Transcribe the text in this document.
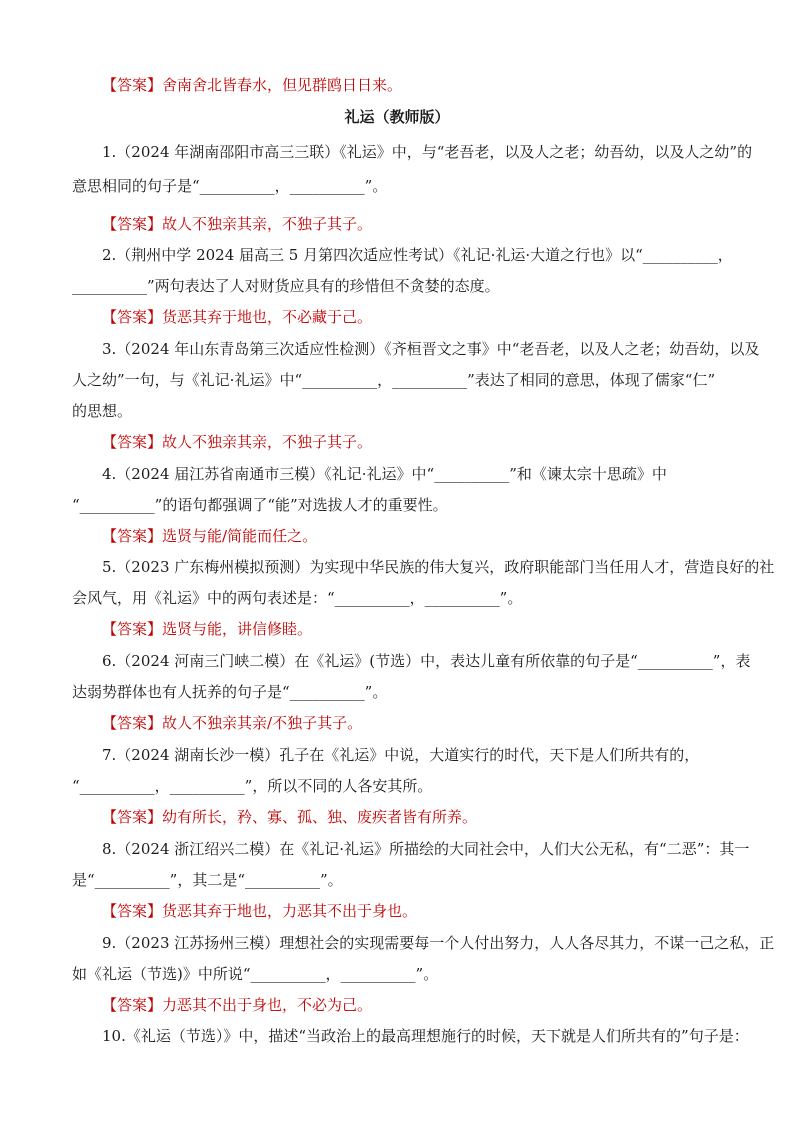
【答案】舍南舍北皆春水，但见群鸥日日来。
礼运（教师版）
1.（2024 年湖南邵阳市高三三联）《礼运》中，与“老吾老，以及人之老；幼吾幼，以及人之幼”的
意思相同的句子是“__________，__________”。
【答案】故人不独亲其亲，不独子其子。
2.（荆州中学 2024 届高三 5 月第四次适应性考试）《礼记·礼运·大道之行也》以“__________，
__________”两句表达了人对财货应具有的珍惜但不贪婪的态度。
【答案】货恶其弃于地也，不必藏于己。
3.（2024 年山东青岛第三次适应性检测）《齐桓晋文之事》中“老吾老，以及人之老；幼吾幼，以及
人之幼”一句，与《礼记·礼运》中“__________，__________”表达了相同的意思，体现了儒家“仁”
的思想。
【答案】故人不独亲其亲，不独子其子。
4.（2024 届江苏省南通市三模）《礼记·礼运》中“__________”和《谏太宗十思疏》中
“__________”的语句都强调了“能”对选拔人才的重要性。
【答案】选贤与能/简能而任之。
5.（2023 广东梅州模拟预测）为实现中华民族的伟大复兴，政府职能部门当任用人才，营造良好的社
会风气，用《礼运》中的两句表述是：“__________，__________”。
【答案】选贤与能，讲信修睦。
6.（2024 河南三门峡二模）在《礼运》(节选）中，表达儿童有所依靠的句子是“__________”，表
达弱势群体也有人抚养的句子是“__________”。
【答案】故人不独亲其亲/不独子其子。
7.（2024 湖南长沙一模）孔子在《礼运》中说，大道实行的时代，天下是人们所共有的，
“__________，__________”，所以不同的人各安其所。
【答案】幼有所长，矜、寡、孤、独、废疾者皆有所养。
8.（2024 浙江绍兴二模）在《礼记·礼运》所描绘的大同社会中，人们大公无私，有“二恶”：其一
是“__________”，其二是“__________”。
【答案】货恶其弃于地也，力恶其不出于身也。
9.（2023 江苏扬州三模）理想社会的实现需要每一个人付出努力，人人各尽其力，不谋一己之私，正
如《礼运（节选)》中所说“__________，__________”。
【答案】力恶其不出于身也，不必为己。
10.《礼运（节选）》中，描述“当政治上的最高理想施行的时候，天下就是人们所共有的”句子是：
